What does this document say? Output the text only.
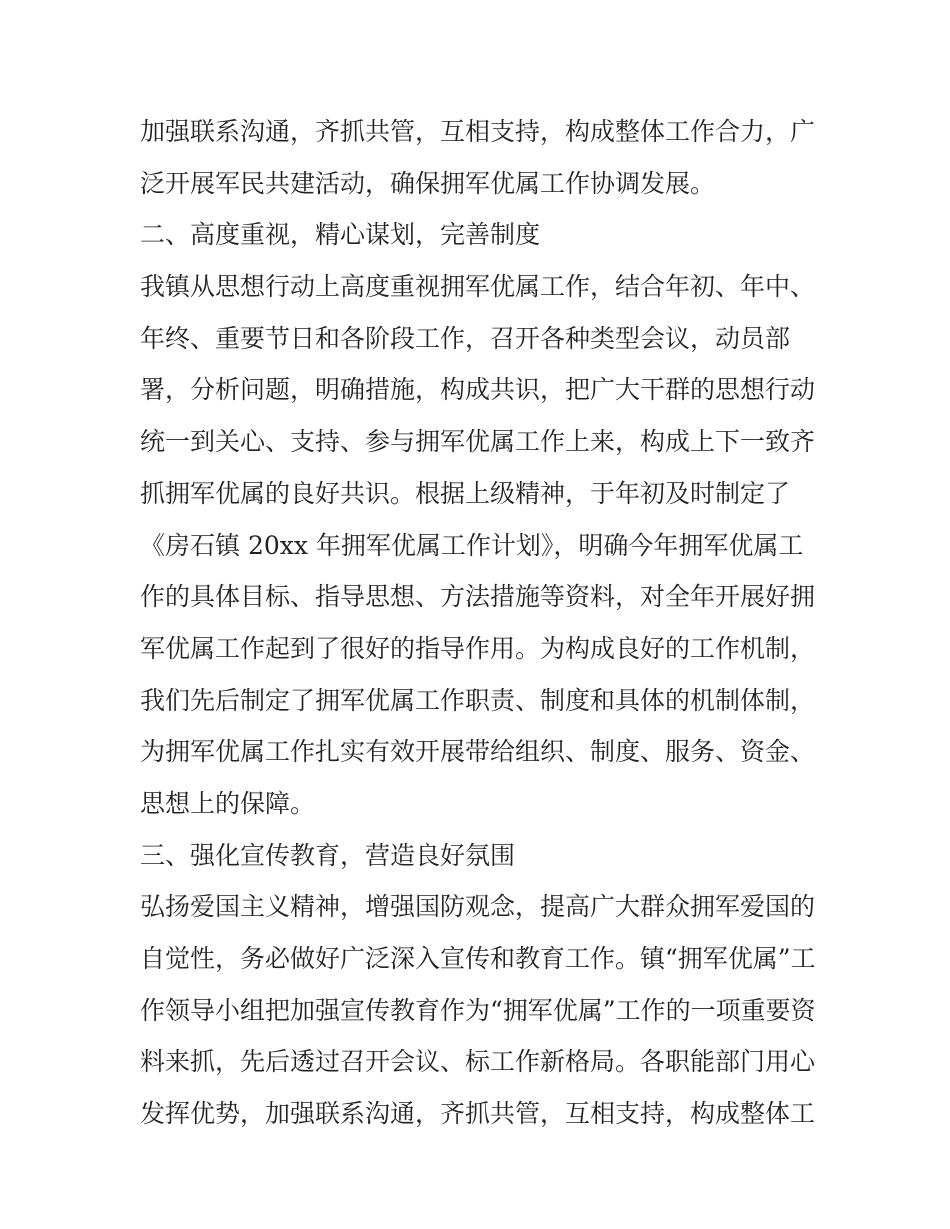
加强联系沟通，齐抓共管，互相支持，构成整体工作合力，广
泛开展军民共建活动，确保拥军优属工作协调发展。
二、高度重视，精心谋划，完善制度
我镇从思想行动上高度重视拥军优属工作，结合年初、年中、
年终、重要节日和各阶段工作，召开各种类型会议，动员部
署，分析问题，明确措施，构成共识，把广大干群的思想行动
统一到关心、支持、参与拥军优属工作上来，构成上下一致齐
抓拥军优属的良好共识。根据上级精神，于年初及时制定了
《房石镇 20xx 年拥军优属工作计划》，明确今年拥军优属工
作的具体目标、指导思想、方法措施等资料，对全年开展好拥
军优属工作起到了很好的指导作用。为构成良好的工作机制，
我们先后制定了拥军优属工作职责、制度和具体的机制体制，
为拥军优属工作扎实有效开展带给组织、制度、服务、资金、
思想上的保障。
三、强化宣传教育，营造良好氛围
弘扬爱国主义精神，增强国防观念，提高广大群众拥军爱国的
自觉性，务必做好广泛深入宣传和教育工作。镇“拥军优属”工
作领导小组把加强宣传教育作为“拥军优属”工作的一项重要资
料来抓，先后透过召开会议、标工作新格局。各职能部门用心
发挥优势，加强联系沟通，齐抓共管，互相支持，构成整体工
